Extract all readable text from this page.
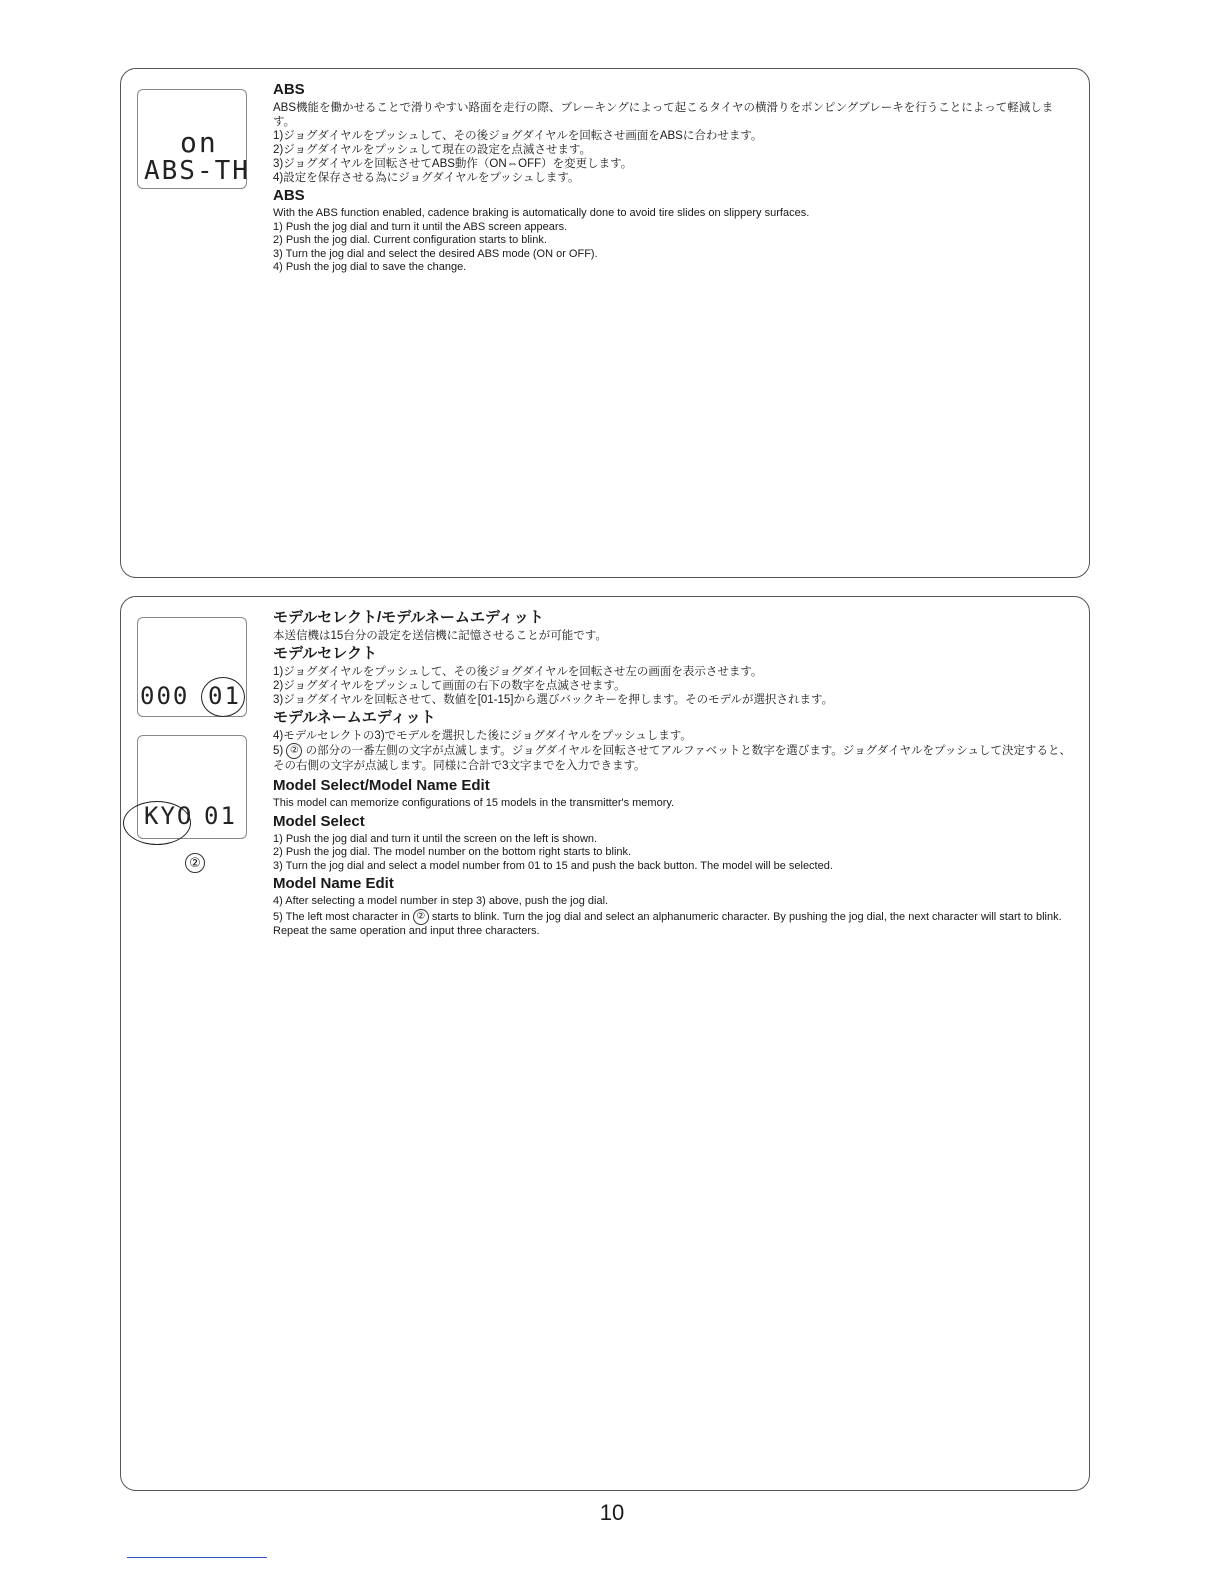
on
ABS-TH
ABS
ABS機能を働かせることで滑りやすい路面を走行の際、ブレーキングによって起こるタイヤの横滑りをポンピングブレーキを行うことによって軽減します。
1)ジョグダイヤルをプッシュして、その後ジョグダイヤルを回転させ画面をABSに合わせます。
2)ジョグダイヤルをプッシュして現在の設定を点滅させます。
3)ジョグダイヤルを回転させてABS動作（ON⇔OFF）を変更します。
4)設定を保存させる為にジョグダイヤルをプッシュします。
ABS
With the ABS function enabled, cadence braking is automatically done to avoid tire slides on slippery surfaces.
1) Push the jog dial and turn it until the ABS screen appears.
2) Push the jog dial. Current configuration starts to blink.
3) Turn the jog dial and select the desired ABS mode (ON or OFF).
4) Push the jog dial to save the change.
000 01
KYO 01
②
モデルセレクト/モデルネームエディット
本送信機は15台分の設定を送信機に記憶させることが可能です。
モデルセレクト
1)ジョグダイヤルをプッシュして、その後ジョグダイヤルを回転させ左の画面を表示させます。
2)ジョグダイヤルをプッシュして画面の右下の数字を点滅させます。
3)ジョグダイヤルを回転させて、数値を[01-15]から選びバックキーを押します。そのモデルが選択されます。
モデルネームエディット
4)モデルセレクトの3)でモデルを選択した後にジョグダイヤルをプッシュします。
5) ② の部分の一番左側の文字が点滅します。ジョグダイヤルを回転させてアルファベットと数字を選びます。ジョグダイヤルをプッシュして決定すると、その右側の文字が点滅します。同様に合計で3文字までを入力できます。
Model Select/Model Name Edit
This model can memorize configurations of 15 models in the transmitter's memory.
Model Select
1) Push the jog dial and turn it until the screen on the left is shown.
2) Push the jog dial. The model number on the bottom right starts to blink.
3) Turn the jog dial and select a model number from 01 to 15 and push the back button. The model will be selected.
Model Name Edit
4) After selecting a model number in step 3) above, push the jog dial.
5) The left most character in ② starts to blink. Turn the jog dial and select an alphanumeric character. By pushing the jog dial, the next character will start to blink. Repeat the same operation and input three characters.
10
